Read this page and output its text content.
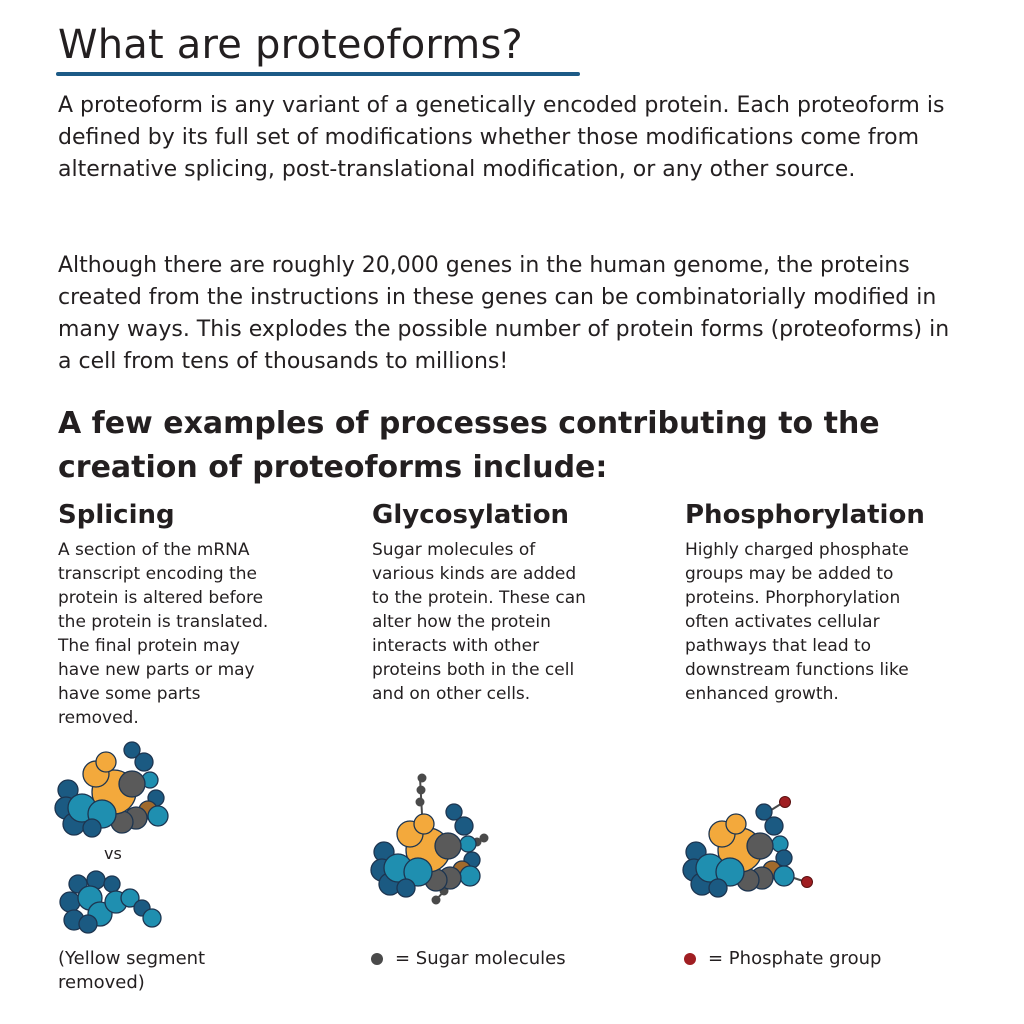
What are proteoforms?

A proteoform is any variant of a genetically encoded protein. Each proteoform is defined by its full set of modifications whether those modifications come from alternative splicing, post-translational modification, or any other source.

Although there are roughly 20,000 genes in the human genome, the proteins created from the instructions in these genes can be combinatorially modified in many ways. This explodes the possible number of protein forms (proteoforms) in a cell from tens of thousands to millions!

A few examples of processes contributing to the creation of proteoforms include:
Splicing

A section of the mRNA transcript encoding the protein is altered before the protein is translated. The final protein may have new parts or may have some parts removed.

vs
(Yellow segment removed)
Glycosylation

Sugar molecules of various kinds are added to the protein. These can alter how the protein interacts with other proteins both in the cell and on other cells.

= Sugar molecules
Phosphorylation

Highly charged phosphate groups may be added to proteins. Phorphorylation often activates cellular pathways that lead to downstream functions like enhanced growth.

= Phosphate group
